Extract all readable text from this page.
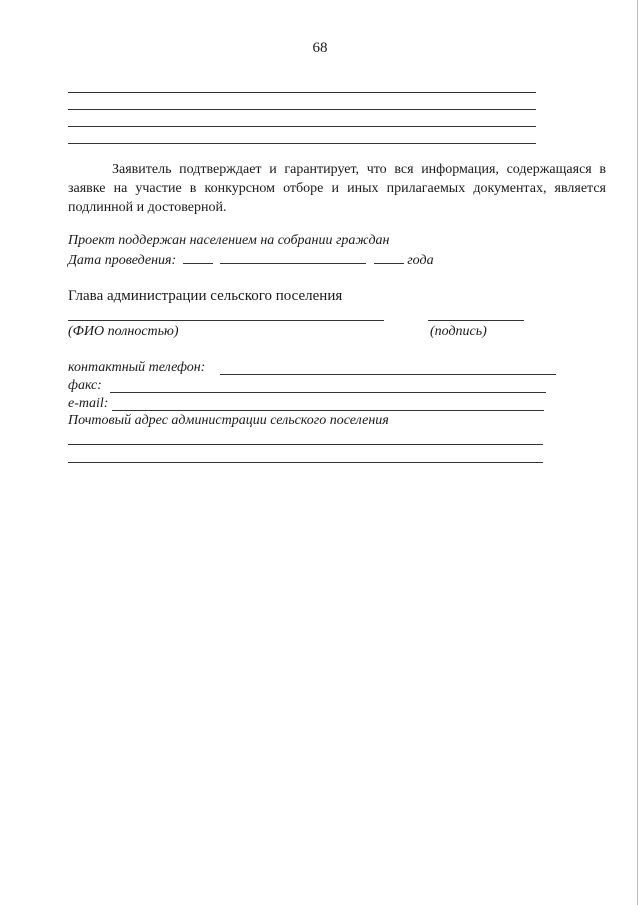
68
Заявитель подтверждает и гарантирует, что вся информация, содержащаяся в заявке на участие в конкурсном отборе и иных прилагаемых документах, является подлинной и достоверной.
Проект поддержан населением на собрании граждан
Дата проведения:	года
Глава администрации сельского поселения
(ФИО полностью)	(подпись)
контактный телефон:
факс:
e-mail:
Почтовый адрес администрации сельского поселения
